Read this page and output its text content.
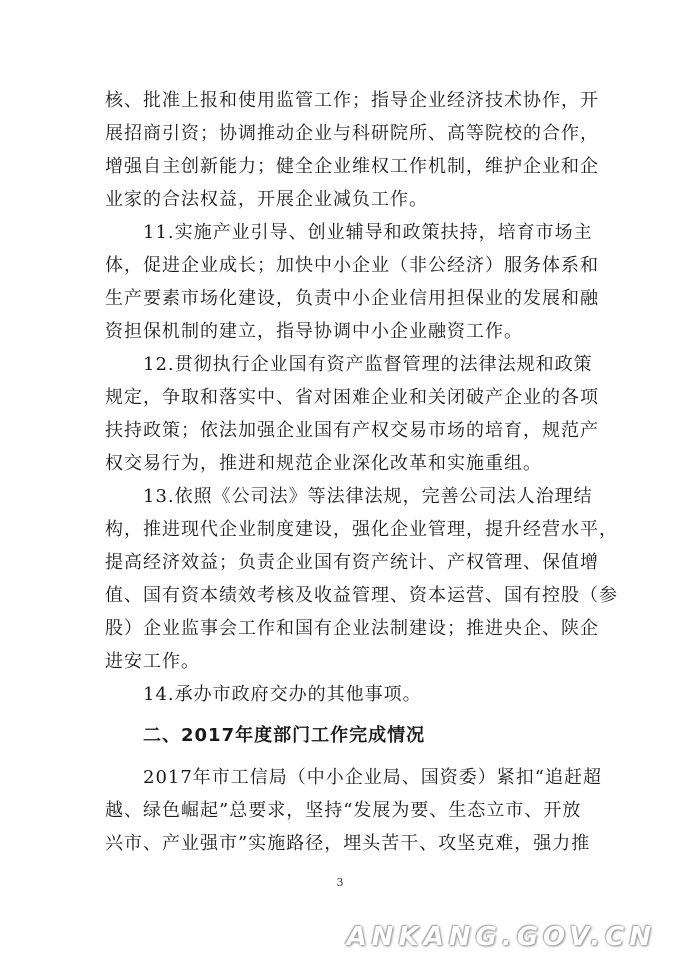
核、批准上报和使用监管工作；指导企业经济技术协作，开
展招商引资；协调推动企业与科研院所、高等院校的合作，
增强自主创新能力；健全企业维权工作机制，维护企业和企
业家的合法权益，开展企业减负工作。
11.实施产业引导、创业辅导和政策扶持，培育市场主
体，促进企业成长；加快中小企业（非公经济）服务体系和
生产要素市场化建设，负责中小企业信用担保业的发展和融
资担保机制的建立，指导协调中小企业融资工作。
12.贯彻执行企业国有资产监督管理的法律法规和政策
规定，争取和落实中、省对困难企业和关闭破产企业的各项
扶持政策；依法加强企业国有产权交易市场的培育，规范产
权交易行为，推进和规范企业深化改革和实施重组。
13.依照《公司法》等法律法规，完善公司法人治理结
构，推进现代企业制度建设，强化企业管理，提升经营水平，
提高经济效益；负责企业国有资产统计、产权管理、保值增
值、国有资本绩效考核及收益管理、资本运营、国有控股（参
股）企业监事会工作和国有企业法制建设；推进央企、陕企
进安工作。
14.承办市政府交办的其他事项。
二、2017年度部门工作完成情况
2017年市工信局（中小企业局、国资委）紧扣“追赶超
越、绿色崛起”总要求，坚持“发展为要、生态立市、开放
兴市、产业强市”实施路径，埋头苦干、攻坚克难，强力推
3
ANKANG.GOV.CN
